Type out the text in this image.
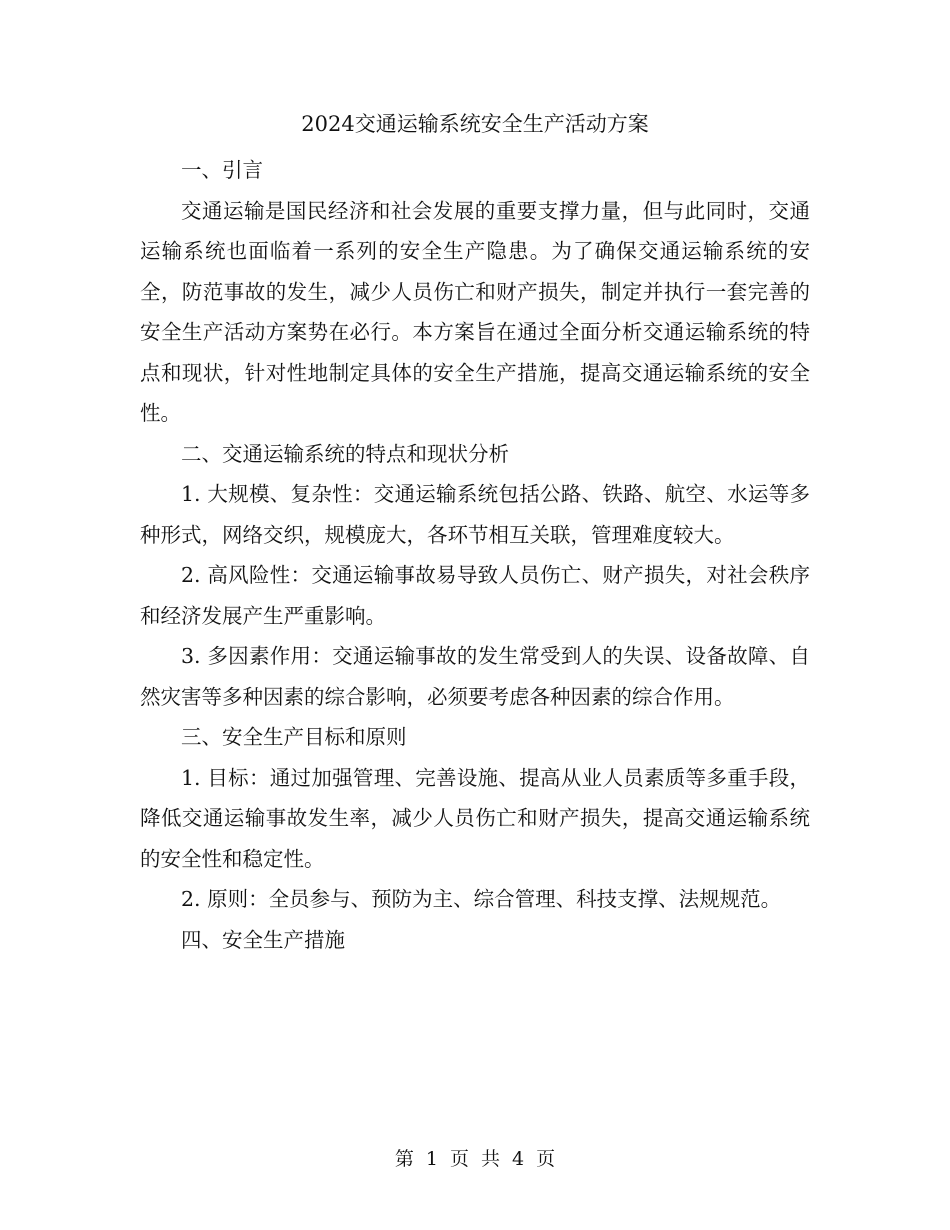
2024交通运输系统安全生产活动方案

一、引言

交通运输是国民经济和社会发展的重要支撑力量，但与此同时，交通运输系统也面临着一系列的安全生产隐患。为了确保交通运输系统的安全，防范事故的发生，减少人员伤亡和财产损失，制定并执行一套完善的安全生产活动方案势在必行。本方案旨在通过全面分析交通运输系统的特点和现状，针对性地制定具体的安全生产措施，提高交通运输系统的安全性。

二、交通运输系统的特点和现状分析

1. 大规模、复杂性：交通运输系统包括公路、铁路、航空、水运等多种形式，网络交织，规模庞大，各环节相互关联，管理难度较大。

2. 高风险性：交通运输事故易导致人员伤亡、财产损失，对社会秩序和经济发展产生严重影响。

3. 多因素作用：交通运输事故的发生常受到人的失误、设备故障、自然灾害等多种因素的综合影响，必须要考虑各种因素的综合作用。

三、安全生产目标和原则

1. 目标：通过加强管理、完善设施、提高从业人员素质等多重手段，降低交通运输事故发生率，减少人员伤亡和财产损失，提高交通运输系统的安全性和稳定性。

2. 原则：全员参与、预防为主、综合管理、科技支撑、法规规范。

四、安全生产措施

第 1 页 共 4 页
